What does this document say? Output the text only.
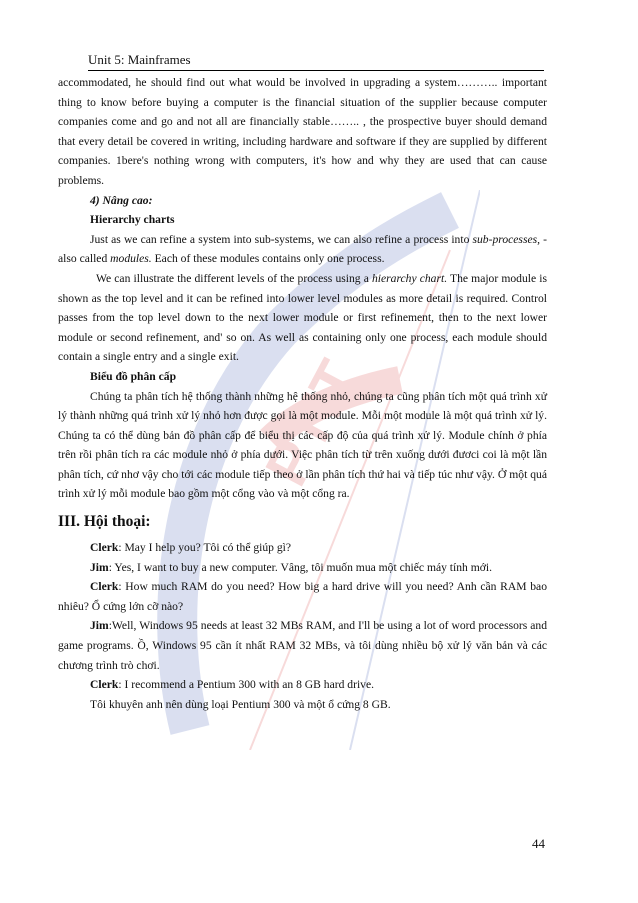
PTIT
Unit 5: Mainframes

accommodated, he should find out what would be involved in upgrading a system……….. important thing to know before buying a computer is the financial situation of the supplier because computer companies come and go and not all are financially stable…….. , the prospective buyer should demand that every detail be covered in writing, including hardware and software if they are supplied by different companies. 1bere's nothing wrong with computers, it's how and why they are used that can cause problems.

4) Nâng cao:

Hierarchy charts

Just as we can refine a system into sub-systems, we can also refine a process into sub-processes, -also called modules. Each of these modules contains only one process.

We can illustrate the different levels of the process using a hierarchy chart. The major module is shown as the top level and it can be refined into lower level modules as more detail is required. Control passes from the top level down to the next lower module or first refinement, then to the next lower module or second refinement, and' so on. As well as containing only one process, each module should contain a single entry and a single exit.

Biểu đồ phân cấp

Chúng ta phân tích hệ thống thành những hệ thống nhỏ, chúng ta cũng phân tích một quá trình xử lý thành những quá trình xử lý nhỏ hơn được gọi là một module. Mỗi một module là một quá trình xử lý. Chúng ta có thể dùng bản đồ phân cấp để biểu thị các cấp độ của quá trình xử lý. Module chính ở phía trên rồi phân tích ra các module nhỏ ở phía dưới. Việc phân tích từ trên xuống dưới đươci coi là một lần phân tích, cứ nhơ vậy cho tới các module tiếp theo ở lần phân tích thứ hai và tiếp túc như vậy. Ở một quá trình xử lý mỗi module bao gồm một cổng vào và một cổng ra.

III. Hội thoại:

Clerk: May I help you? Tôi có thể giúp gì?

Jim: Yes, I want to buy a new computer. Vâng, tôi muốn mua một chiếc máy tính mới.

Clerk: How much RAM do you need? How big a hard drive will you need? Anh cần RAM bao nhiêu? Ổ cứng lớn cỡ nào?

Jim:Well, Windows 95 needs at least 32 MBs RAM, and I'll be using a lot of word processors and game programs. Ồ, Windows 95 cần ít nhất RAM 32 MBs, và tôi dùng nhiều bộ xử lý văn bản và các chương trình trò chơi.

Clerk: I recommend a Pentium 300 with an 8 GB hard drive.

Tôi khuyên anh nên dùng loại Pentium 300 và một ổ cứng 8 GB.

44
